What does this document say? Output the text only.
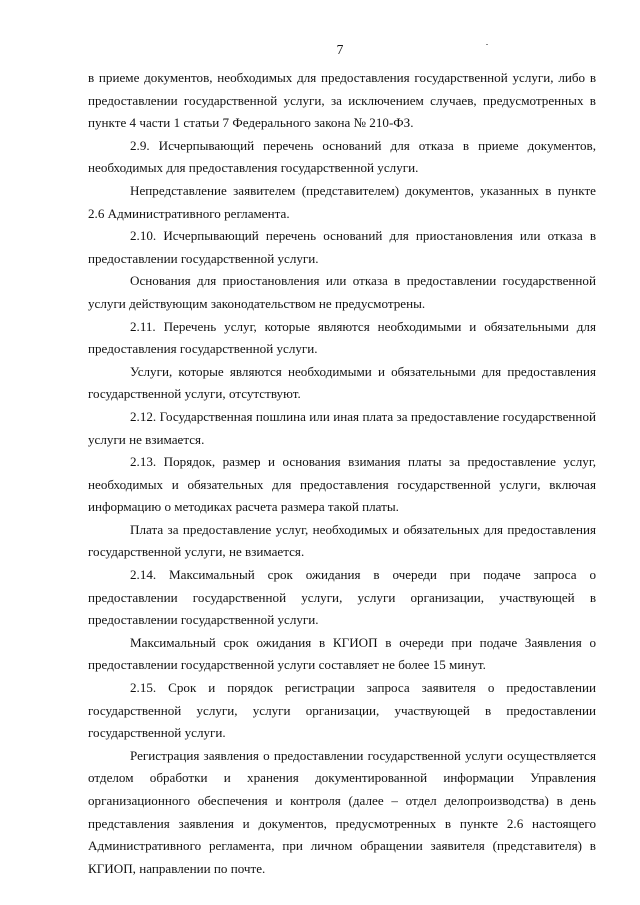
7

в приеме документов, необходимых для предоставления государственной услуги, либо в предоставлении государственной услуги, за исключением случаев, предусмотренных в пункте 4 части 1 статьи 7 Федерального закона № 210-ФЗ.

2.9. Исчерпывающий перечень оснований для отказа в приеме документов, необходимых для предоставления государственной услуги.

Непредставление заявителем (представителем) документов, указанных в пункте 2.6 Административного регламента.

2.10. Исчерпывающий перечень оснований для приостановления или отказа в предоставлении государственной услуги.

Основания для приостановления или отказа в предоставлении государственной услуги действующим законодательством не предусмотрены.

2.11. Перечень услуг, которые являются необходимыми и обязательными для предоставления государственной услуги.

Услуги, которые являются необходимыми и обязательными для предоставления государственной услуги, отсутствуют.

2.12. Государственная пошлина или иная плата за предоставление государственной услуги не взимается.

2.13. Порядок, размер и основания взимания платы за предоставление услуг, необходимых и обязательных для предоставления государственной услуги, включая информацию о методиках расчета размера такой платы.

Плата за предоставление услуг, необходимых и обязательных для предоставления государственной услуги, не взимается.

2.14. Максимальный срок ожидания в очереди при подаче запроса о предоставлении государственной услуги, услуги организации, участвующей в предоставлении государственной услуги.

Максимальный срок ожидания в КГИОП в очереди при подаче Заявления о предоставлении государственной услуги составляет не более 15 минут.

2.15. Срок и порядок регистрации запроса заявителя о предоставлении государственной услуги, услуги организации, участвующей в предоставлении государственной услуги.

Регистрация заявления о предоставлении государственной услуги осуществляется отделом обработки и хранения документированной информации Управления организационного обеспечения и контроля (далее – отдел делопроизводства) в день представления заявления и документов, предусмотренных в пункте 2.6 настоящего Административного регламента, при личном обращении заявителя (представителя) в КГИОП, направлении по почте.
